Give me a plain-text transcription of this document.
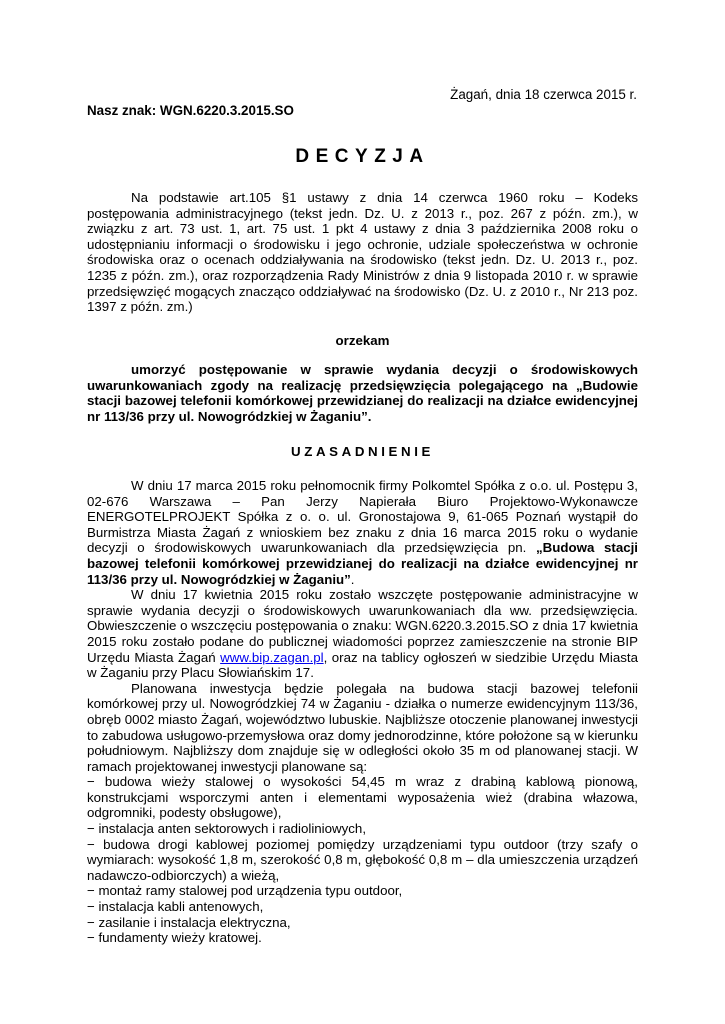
Żagań, dnia 18 czerwca 2015 r.
Nasz znak: WGN.6220.3.2015.SO
DECYZJA

Na podstawie art.105 §1 ustawy z dnia 14 czerwca 1960 roku – Kodeks postępowania administracyjnego (tekst jedn. Dz. U. z 2013 r., poz. 267 z późn. zm.), w związku z art. 73 ust. 1, art. 75 ust. 1 pkt 4 ustawy z dnia 3 października 2008 roku o udostępnianiu informacji o środowisku i jego ochronie, udziale społeczeństwa w ochronie środowiska oraz o ocenach oddziaływania na środowisko (tekst jedn. Dz. U. 2013 r., poz. 1235 z późn. zm.), oraz rozporządzenia Rady Ministrów z dnia 9 listopada 2010 r. w sprawie przedsięwzięć mogących znacząco oddziaływać na środowisko (Dz. U. z 2010 r., Nr 213 poz. 1397 z późn. zm.)

orzekam

umorzyć postępowanie w sprawie wydania decyzji o środowiskowych uwarunkowaniach zgody na realizację przedsięwzięcia polegającego na „Budowie stacji bazowej telefonii komórkowej przewidzianej do realizacji na działce ewidencyjnej nr 113/36 przy ul. Nowogródzkiej w Żaganiu”.

UZASADNIENIE

W dniu 17 marca 2015 roku pełnomocnik firmy Polkomtel Spółka z o.o. ul. Postępu 3, 02-676 Warszawa – Pan Jerzy Napierała Biuro Projektowo-Wykonawcze ENERGOTELPROJEKT Spółka z o. o. ul. Gronostajowa 9, 61-065 Poznań wystąpił do Burmistrza Miasta Żagań z wnioskiem bez znaku z dnia 16 marca 2015 roku o wydanie decyzji o środowiskowych uwarunkowaniach dla przedsięwzięcia pn. „Budowa stacji bazowej telefonii komórkowej przewidzianej do realizacji na działce ewidencyjnej nr 113/36 przy ul. Nowogródzkiej w Żaganiu”.

W dniu 17 kwietnia 2015 roku zostało wszczęte postępowanie administracyjne w sprawie wydania decyzji o środowiskowych uwarunkowaniach dla ww. przedsięwzięcia. Obwieszczenie o wszczęciu postępowania o znaku: WGN.6220.3.2015.SO z dnia 17 kwietnia 2015 roku zostało podane do publicznej wiadomości poprzez zamieszczenie na stronie BIP Urzędu Miasta Żagań www.bip.zagan.pl, oraz na tablicy ogłoszeń w siedzibie Urzędu Miasta w Żaganiu przy Placu Słowiańskim 17.

Planowana inwestycja będzie polegała na budowa stacji bazowej telefonii komórkowej przy ul. Nowogródzkiej 74 w Żaganiu - działka o numerze ewidencyjnym 113/36, obręb 0002 miasto Żagań, województwo lubuskie. Najbliższe otoczenie planowanej inwestycji to zabudowa usługowo-przemysłowa oraz domy jednorodzinne, które położone są w kierunku południowym. Najbliższy dom znajduje się w odległości około 35 m od planowanej stacji. W ramach projektowanej inwestycji planowane są:

− budowa wieży stalowej o wysokości 54,45 m wraz z drabiną kablową pionową, konstrukcjami wsporczymi anten i elementami wyposażenia wież (drabina włazowa, odgromniki, podesty obsługowe),

− instalacja anten sektorowych i radioliniowych,

− budowa drogi kablowej poziomej pomiędzy urządzeniami typu outdoor (trzy szafy o wymiarach: wysokość 1,8 m, szerokość 0,8 m, głębokość 0,8 m – dla umieszczenia urządzeń nadawczo-odbiorczych) a wieżą,

− montaż ramy stalowej pod urządzenia typu outdoor,

− instalacja kabli antenowych,

− zasilanie i instalacja elektryczna,

− fundamenty wieży kratowej.
